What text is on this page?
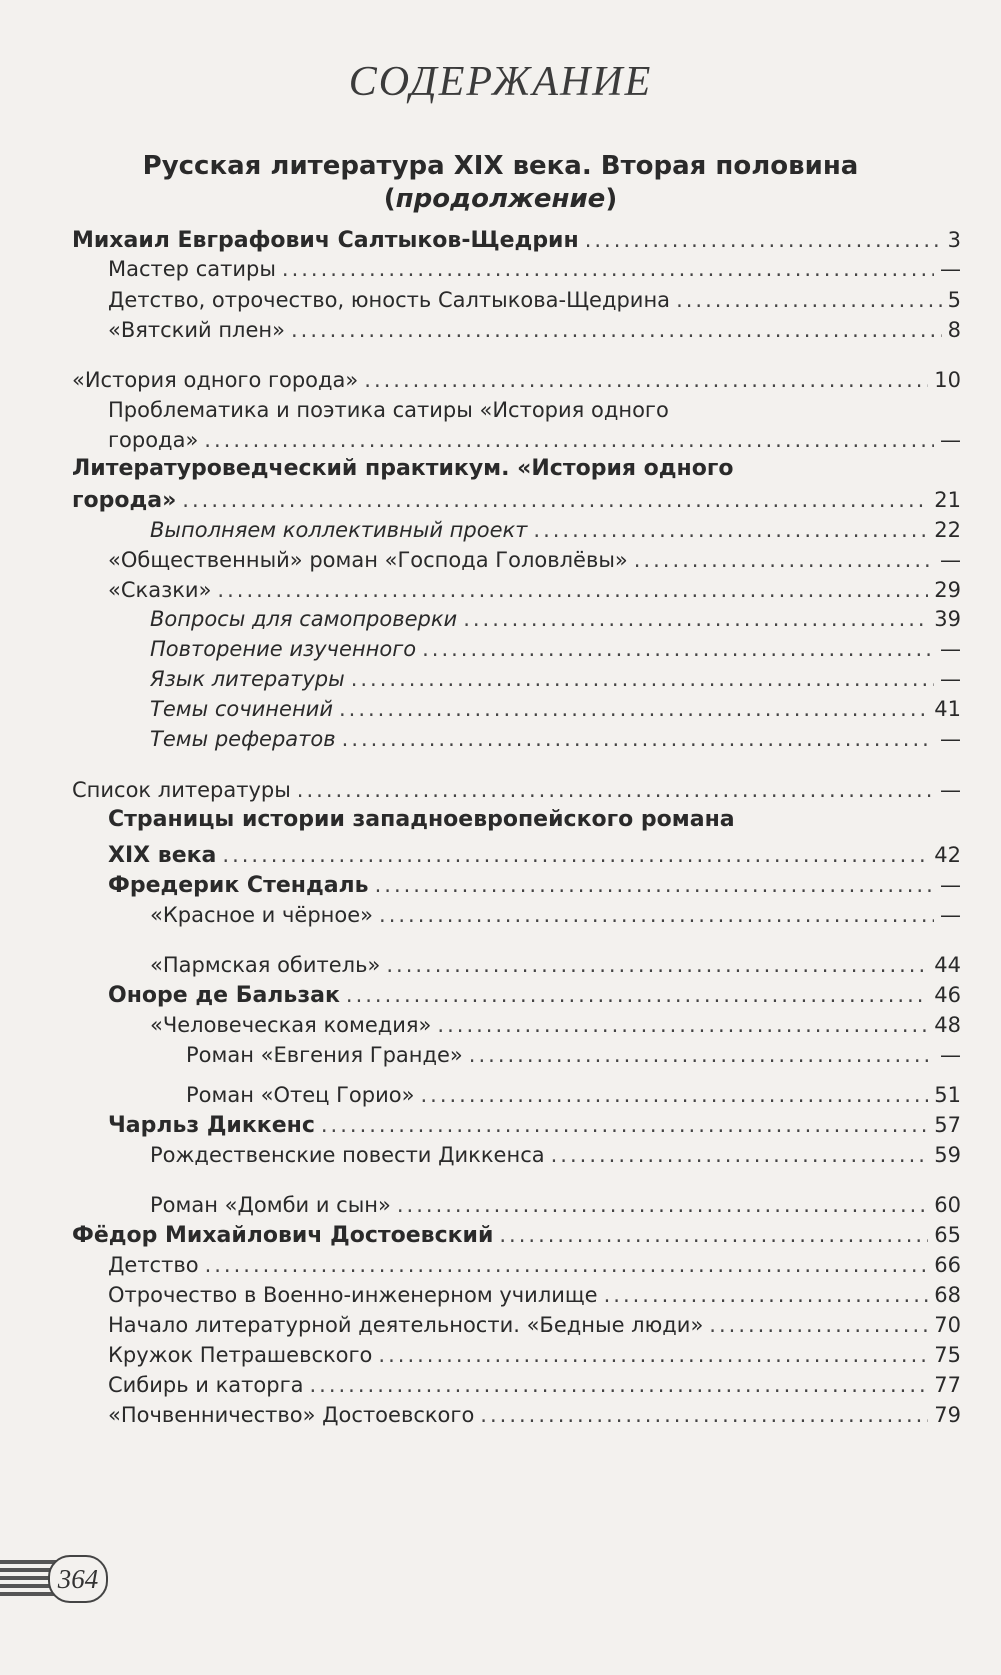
СОДЕРЖАНИЕ
Русская литература XIX века. Вторая половина
(продолжение)
Михаил Евграфович Салтыков-Щедрин .....	3
Мастер сатиры .....	—
Детство, отрочество, юность Салтыкова-Щедрина .....	5
«Вятский плен» .....	8
«История одного города» .....	10
Проблематика и поэтика сатиры «История одного
города» .....	—
Литературоведческий практикум. «История одного
города» .....	21
Выполняем коллективный проект .....	22
«Общественный» роман «Господа Головлёвы» .....	—
«Сказки» .....	29
Вопросы для самопроверки .....	39
Повторение изученного .....	—
Язык литературы .....	—
Темы сочинений .....	41
Темы рефератов .....	—
Список литературы .....	—
Страницы истории западноевропейского романа
XIX века .....	42
Фредерик Стендаль .....	—
«Красное и чёрное» .....	—
«Пармская обитель» .....	44
Оноре де Бальзак .....	46
«Человеческая комедия» .....	48
Роман «Евгения Гранде» .....	—
Роман «Отец Горио» .....	51
Чарльз Диккенс .....	57
Рождественские повести Диккенса .....	59
Роман «Домби и сын» .....	60
Фёдор Михайлович Достоевский .....	65
Детство .....	66
Отрочество в Военно-инженерном училище .....	68
Начало литературной деятельности. «Бедные люди» .....	70
Кружок Петрашевского .....	75
Сибирь и каторга .....	77
«Почвенничество» Достоевского .....	79
364
